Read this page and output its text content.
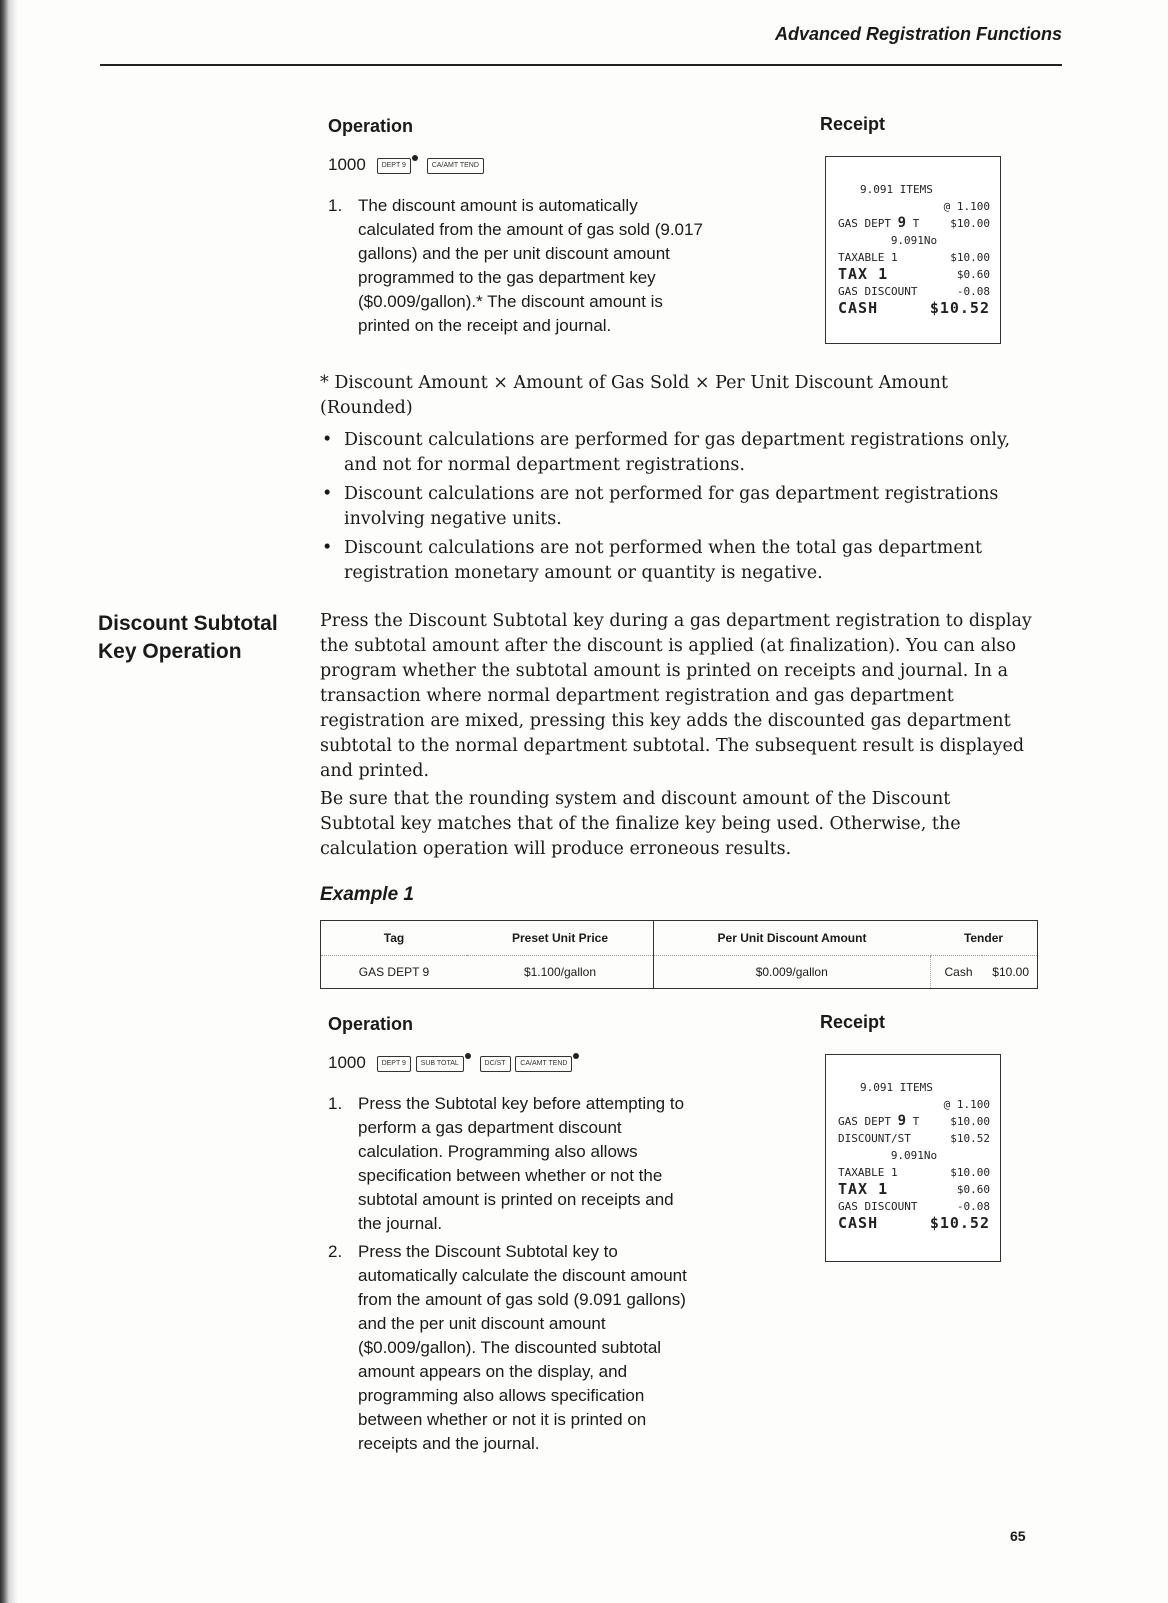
Advanced Registration Functions
Operation	Receipt
1000 DEPT 9	CA/AMT TEND
1. The discount amount is automatically calculated from the amount of gas sold (9.017 gallons) and the per unit discount amount programmed to the gas department key ($0.009/gallon).* The discount amount is printed on the receipt and journal.
9.091 ITEMS
@ 1.100
GAS DEPT 9 T	$10.00
9.091No
TAXABLE 1	$10.00
TAX 1	$0.60
GAS DISCOUNT	-0.08
CASH	$10.52
* Discount Amount × Amount of Gas Sold × Per Unit Discount Amount (Rounded)
• Discount calculations are performed for gas department registrations only, and not for normal department registrations.
• Discount calculations are not performed for gas department registrations involving negative units.
• Discount calculations are not performed when the total gas department registration monetary amount or quantity is negative.
Discount Subtotal
Key Operation
Press the Discount Subtotal key during a gas department registration to display the subtotal amount after the discount is applied (at finalization). You can also program whether the subtotal amount is printed on receipts and journal. In a transaction where normal department registration and gas department registration are mixed, pressing this key adds the discounted gas department subtotal to the normal department subtotal. The subsequent result is displayed and printed.
Be sure that the rounding system and discount amount of the Discount Subtotal key matches that of the finalize key being used. Otherwise, the calculation operation will produce erroneous results.
Example 1
Tag	Preset Unit Price	Per Unit Discount Amount	Tender	
GAS DEPT 9	$1.100/gallon	$0.009/gallon	Cash	$10.00
Operation	Receipt
1000 DEPT 9 SUB TOTAL	DC/ST CA/AMT TEND
1. Press the Subtotal key before attempting to perform a gas department discount calculation. Programming also allows specification between whether or not the subtotal amount is printed on receipts and the journal.
2. Press the Discount Subtotal key to automatically calculate the discount amount from the amount of gas sold (9.091 gallons) and the per unit discount amount ($0.009/gallon). The discounted subtotal amount appears on the display, and programming also allows specification between whether or not it is printed on receipts and the journal.
9.091 ITEMS
@ 1.100
GAS DEPT 9 T	$10.00
DISCOUNT/ST	$10.52
9.091No
TAXABLE 1	$10.00
TAX 1	$0.60
GAS DISCOUNT	-0.08
CASH	$10.52
65
